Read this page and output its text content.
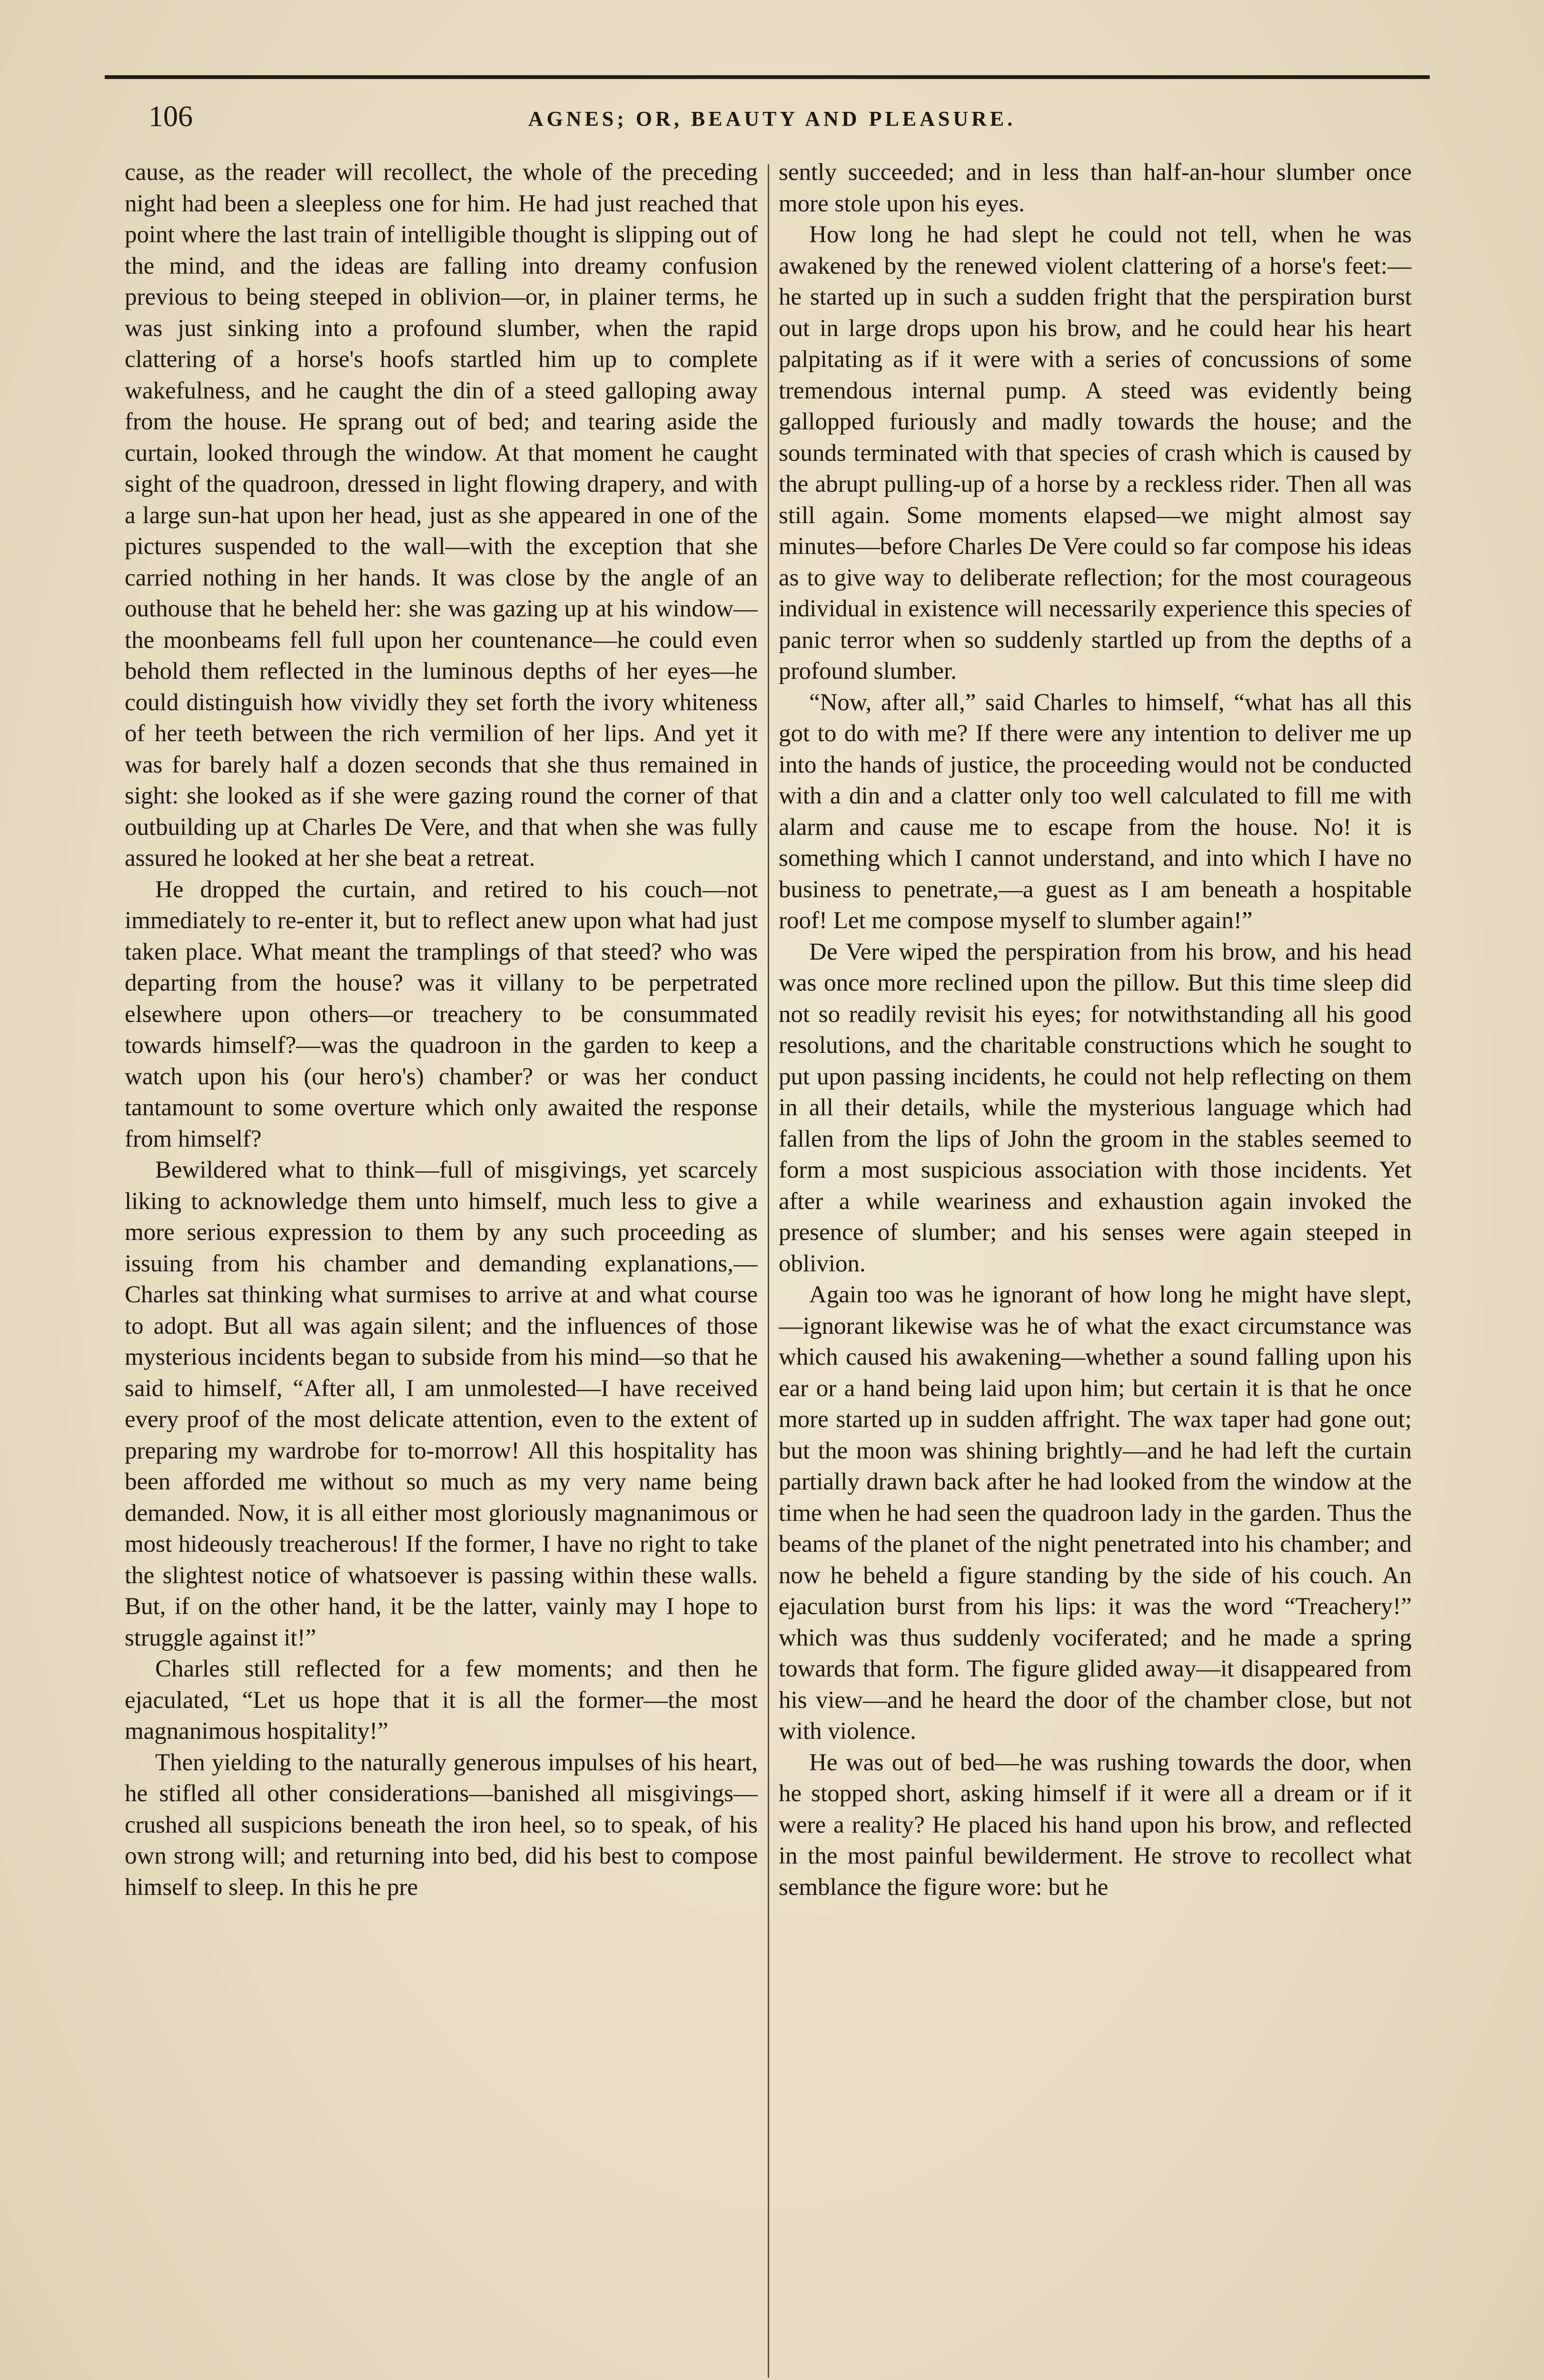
106	AGNES; OR, BEAUTY AND PLEASURE.

cause, as the reader will recollect, the whole of the preceding night had been a sleepless one for him. He had just reached that point where the last train of intelligible thought is slipping out of the mind, and the ideas are falling into dreamy confusion previous to being steeped in oblivion—or, in plainer terms, he was just sinking into a profound slumber, when the rapid clattering of a horse's hoofs startled him up to complete wakefulness, and he caught the din of a steed galloping away from the house. He sprang out of bed; and tearing aside the curtain, looked through the window. At that moment he caught sight of the quadroon, dressed in light flowing drapery, and with a large sun-hat upon her head, just as she appeared in one of the pictures suspended to the wall—with the exception that she carried nothing in her hands. It was close by the angle of an outhouse that he beheld her: she was gazing up at his window—the moonbeams fell full upon her countenance—he could even behold them reflected in the luminous depths of her eyes—he could distinguish how vividly they set forth the ivory whiteness of her teeth between the rich vermilion of her lips. And yet it was for barely half a dozen seconds that she thus remained in sight: she looked as if she were gazing round the corner of that outbuilding up at Charles De Vere, and that when she was fully assured he looked at her she beat a retreat.

He dropped the curtain, and retired to his couch—not immediately to re-enter it, but to reflect anew upon what had just taken place. What meant the tramplings of that steed? who was departing from the house? was it villany to be perpetrated elsewhere upon others—or treachery to be consummated towards himself?—was the quadroon in the garden to keep a watch upon his (our hero's) chamber? or was her conduct tantamount to some overture which only awaited the response from himself?

Bewildered what to think—full of misgivings, yet scarcely liking to acknowledge them unto himself, much less to give a more serious expression to them by any such proceeding as issuing from his chamber and demanding explanations,—Charles sat thinking what surmises to arrive at and what course to adopt. But all was again silent; and the influences of those mysterious incidents began to subside from his mind—so that he said to himself, “After all, I am unmolested—I have received every proof of the most delicate attention, even to the extent of preparing my wardrobe for to-morrow! All this hospitality has been afforded me without so much as my very name being demanded. Now, it is all either most gloriously magnanimous or most hideously treacherous! If the former, I have no right to take the slightest notice of whatsoever is passing within these walls. But, if on the other hand, it be the latter, vainly may I hope to struggle against it!”

Charles still reflected for a few moments; and then he ejaculated, “Let us hope that it is all the former—the most magnanimous hospitality!”

Then yielding to the naturally generous impulses of his heart, he stifled all other considerations—banished all misgivings—crushed all suspicions beneath the iron heel, so to speak, of his own strong will; and returning into bed, did his best to compose himself to sleep. In this he pre

sently succeeded; and in less than half-an-hour slumber once more stole upon his eyes.

How long he had slept he could not tell, when he was awakened by the renewed violent clattering of a horse's feet:—he started up in such a sudden fright that the perspiration burst out in large drops upon his brow, and he could hear his heart palpitating as if it were with a series of concussions of some tremendous internal pump. A steed was evidently being gallopped furiously and madly towards the house; and the sounds terminated with that species of crash which is caused by the abrupt pulling-up of a horse by a reckless rider. Then all was still again. Some moments elapsed—we might almost say minutes—before Charles De Vere could so far compose his ideas as to give way to deliberate reflection; for the most courageous individual in existence will necessarily experience this species of panic terror when so suddenly startled up from the depths of a profound slumber.

“Now, after all,” said Charles to himself, “what has all this got to do with me? If there were any intention to deliver me up into the hands of justice, the proceeding would not be conducted with a din and a clatter only too well calculated to fill me with alarm and cause me to escape from the house. No! it is something which I cannot understand, and into which I have no business to penetrate,—a guest as I am beneath a hospitable roof! Let me compose myself to slumber again!”

De Vere wiped the perspiration from his brow, and his head was once more reclined upon the pillow. But this time sleep did not so readily revisit his eyes; for notwithstanding all his good resolutions, and the charitable constructions which he sought to put upon passing incidents, he could not help reflecting on them in all their details, while the mysterious language which had fallen from the lips of John the groom in the stables seemed to form a most suspicious association with those incidents. Yet after a while weariness and exhaustion again invoked the presence of slumber; and his senses were again steeped in oblivion.

Again too was he ignorant of how long he might have slept,—ignorant likewise was he of what the exact circumstance was which caused his awakening—whether a sound falling upon his ear or a hand being laid upon him; but certain it is that he once more started up in sudden affright. The wax taper had gone out; but the moon was shining brightly—and he had left the curtain partially drawn back after he had looked from the window at the time when he had seen the quadroon lady in the garden. Thus the beams of the planet of the night penetrated into his chamber; and now he beheld a figure standing by the side of his couch. An ejaculation burst from his lips: it was the word “Treachery!” which was thus suddenly vociferated; and he made a spring towards that form. The figure glided away—it disappeared from his view—and he heard the door of the chamber close, but not with violence.

He was out of bed—he was rushing towards the door, when he stopped short, asking himself if it were all a dream or if it were a reality? He placed his hand upon his brow, and reflected in the most painful bewilderment. He strove to recollect what semblance the figure wore: but he
